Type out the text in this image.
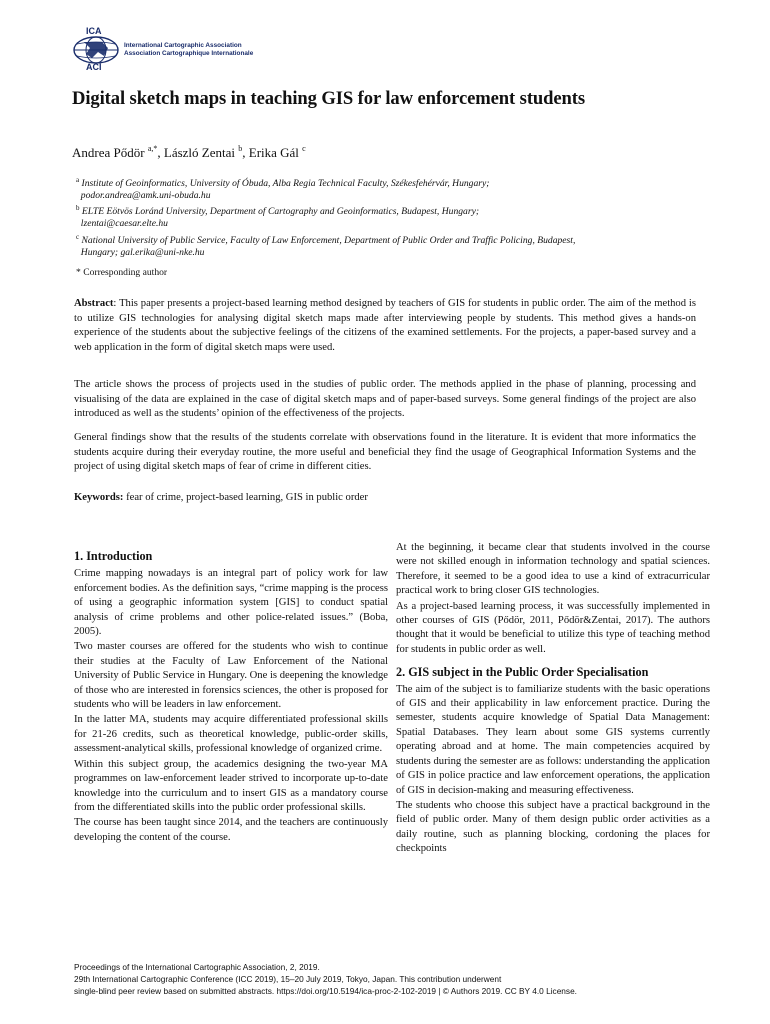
ICA
ACI
International Cartographic Association
Association Cartographique Internationale
Digital sketch maps in teaching GIS for law enforcement students
Andrea Pődör $^{a,*}$, László Zentai $^b$, Erika Gál $^c$
$^a$ Institute of Geoinformatics, University of Óbuda, Alba Regia Technical Faculty, Székesfehérvár, Hungary;
podor.andrea@amk.uni-obuda.hu
$^b$ ELTE Eötvös Loránd University, Department of Cartography and Geoinformatics, Budapest, Hungary;
lzentai@caesar.elte.hu
$^c$ National University of Public Service, Faculty of Law Enforcement, Department of Public Order and Traffic Policing, Budapest,
Hungary; gal.erika@uni-nke.hu
* Corresponding author
Abstract: This paper presents a project-based learning method designed by teachers of GIS for students in public order. The aim of the method is to utilize GIS technologies for analysing digital sketch maps made after interviewing people by students. This method gives a hands-on experience of the students about the subjective feelings of the citizens of the examined settlements. For the projects, a paper-based survey and a web application in the form of digital sketch maps were used.
The article shows the process of projects used in the studies of public order. The methods applied in the phase of planning, processing and visualising of the data are explained in the case of digital sketch maps and of paper-based surveys. Some general findings of the project are also introduced as well as the students’ opinion of the effectiveness of the projects.
General findings show that the results of the students correlate with observations found in the literature. It is evident that more informatics the students acquire during their everyday routine, the more useful and beneficial they find the usage of Geographical Information Systems and the project of using digital sketch maps of fear of crime in different cities.
Keywords: fear of crime, project-based learning, GIS in public order
1. Introduction

Crime mapping nowadays is an integral part of policy work for law enforcement bodies. As the definition says, “crime mapping is the process of using a geographic information system [GIS] to conduct spatial analysis of crime problems and other police-related issues.” (Boba, 2005).

Two master courses are offered for the students who wish to continue their studies at the Faculty of Law Enforcement of the National University of Public Service in Hungary. One is deepening the knowledge of those who are interested in forensics sciences, the other is proposed for students who will be leaders in law enforcement.

In the latter MA, students may acquire differentiated professional skills for 21-26 credits, such as theoretical knowledge, public-order skills, assessment-analytical skills, professional knowledge of organized crime.

Within this subject group, the academics designing the two-year MA programmes on law-enforcement leader strived to incorporate up-to-date knowledge into the curriculum and to insert GIS as a mandatory course from the differentiated skills into the public order professional skills.

The course has been taught since 2014, and the teachers are continuously developing the content of the course.

At the beginning, it became clear that students involved in the course were not skilled enough in information technology and spatial sciences. Therefore, it seemed to be a good idea to use a kind of extracurricular practical work to bring closer GIS technologies.

As a project-based learning process, it was successfully implemented in other courses of GIS (Pődör, 2011, Pődör&Zentai, 2017). The authors thought that it would be beneficial to utilize this type of teaching method for students in public order as well.

2. GIS subject in the Public Order Specialisation

The aim of the subject is to familiarize students with the basic operations of GIS and their applicability in law enforcement practice. During the semester, students acquire knowledge of Spatial Data Management: Spatial Databases. They learn about some GIS systems currently operating abroad and at home. The main competencies acquired by students during the semester are as follows: understanding the application of GIS in police practice and law enforcement operations, the application of GIS in decision-making and measuring effectiveness.

The students who choose this subject have a practical background in the field of public order. Many of them design public order activities as a daily routine, such as planning blocking, cordoning the places for checkpoints

Proceedings of the International Cartographic Association, 2, 2019.
29th International Cartographic Conference (ICC 2019), 15–20 July 2019, Tokyo, Japan. This contribution underwent
single-blind peer review based on submitted abstracts. https://doi.org/10.5194/ica-proc-2-102-2019 | © Authors 2019. CC BY 4.0 License.
